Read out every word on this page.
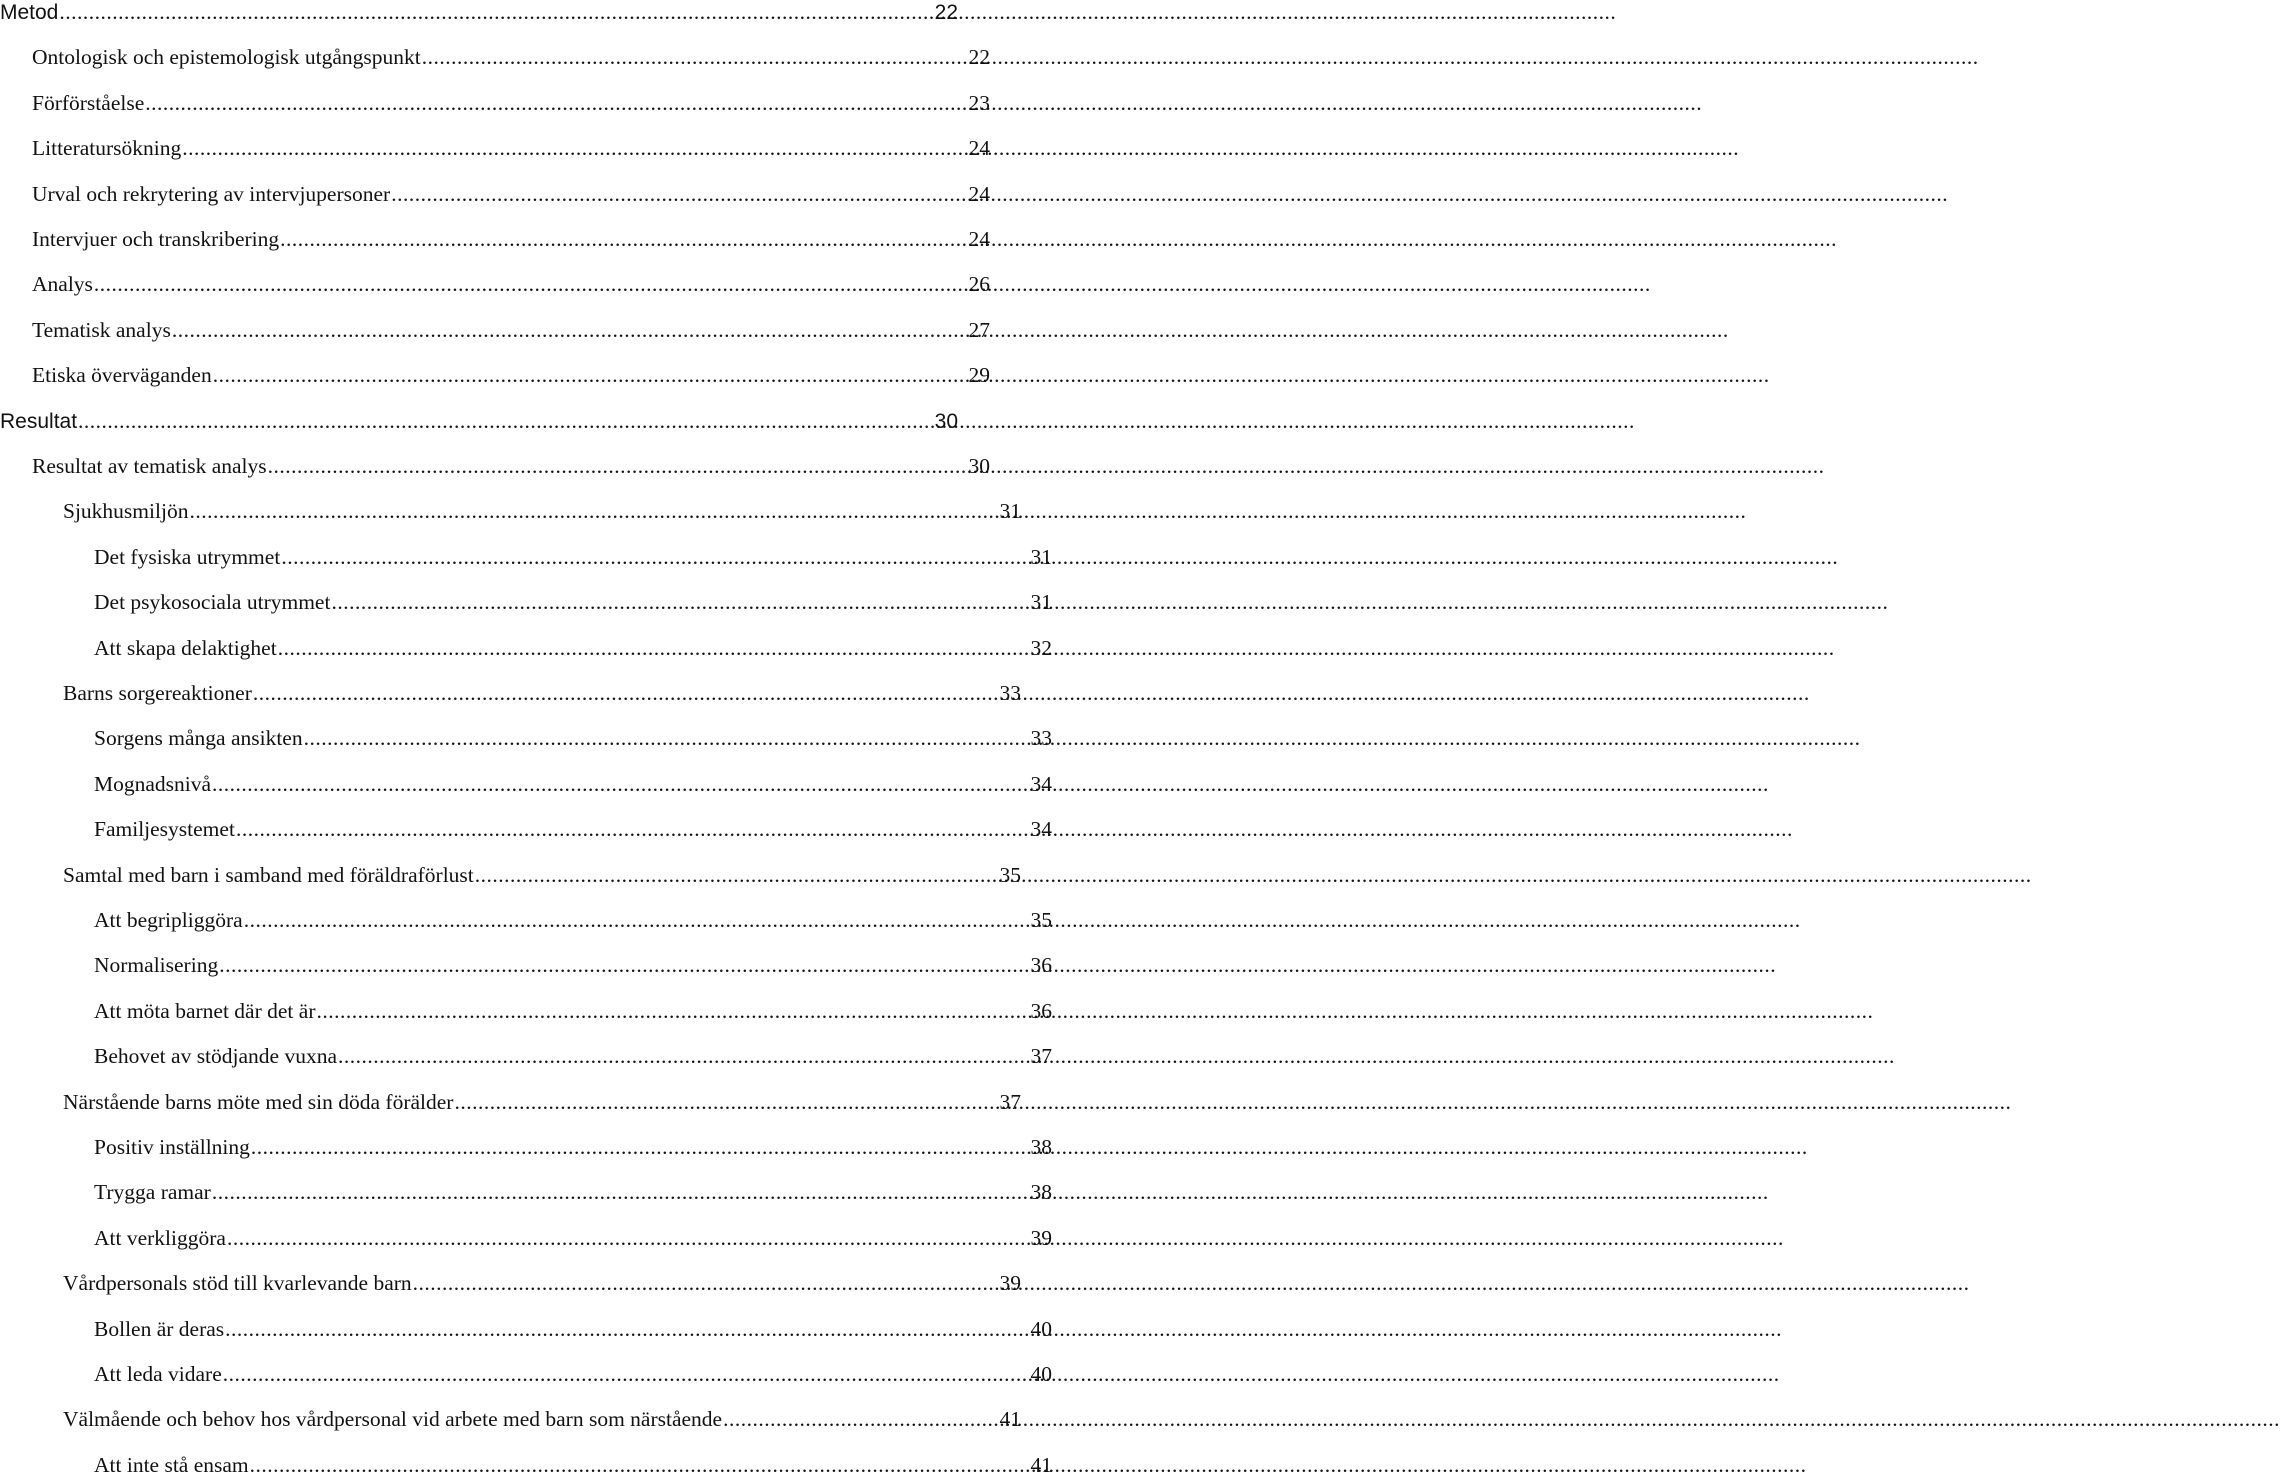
Metod .....	22
Ontologisk och epistemologisk utgångspunkt .....	22
Förförståelse .....	23
Litteratursökning .....	24
Urval och rekrytering av intervjupersoner .....	24
Intervjuer och transkribering .....	24
Analys .....	26
Tematisk analys .....	27
Etiska överväganden .....	29
Resultat .....	30
Resultat av tematisk analys .....	30
Sjukhusmiljön .....	31
Det fysiska utrymmet .....	31
Det psykosociala utrymmet .....	31
Att skapa delaktighet .....	32
Barns sorgereaktioner .....	33
Sorgens många ansikten .....	33
Mognadsnivå .....	34
Familjesystemet .....	34
Samtal med barn i samband med föräldraförlust .....	35
Att begripliggöra .....	35
Normalisering .....	36
Att möta barnet där det är .....	36
Behovet av stödjande vuxna .....	37
Närstående barns möte med sin döda förälder .....	37
Positiv inställning .....	38
Trygga ramar .....	38
Att verkliggöra .....	39
Vårdpersonals stöd till kvarlevande barn .....	39
Bollen är deras .....	40
Att leda vidare .....	40
Välmående och behov hos vårdpersonal vid arbete med barn som närstående .....	41
Att inte stå ensam .....	41
